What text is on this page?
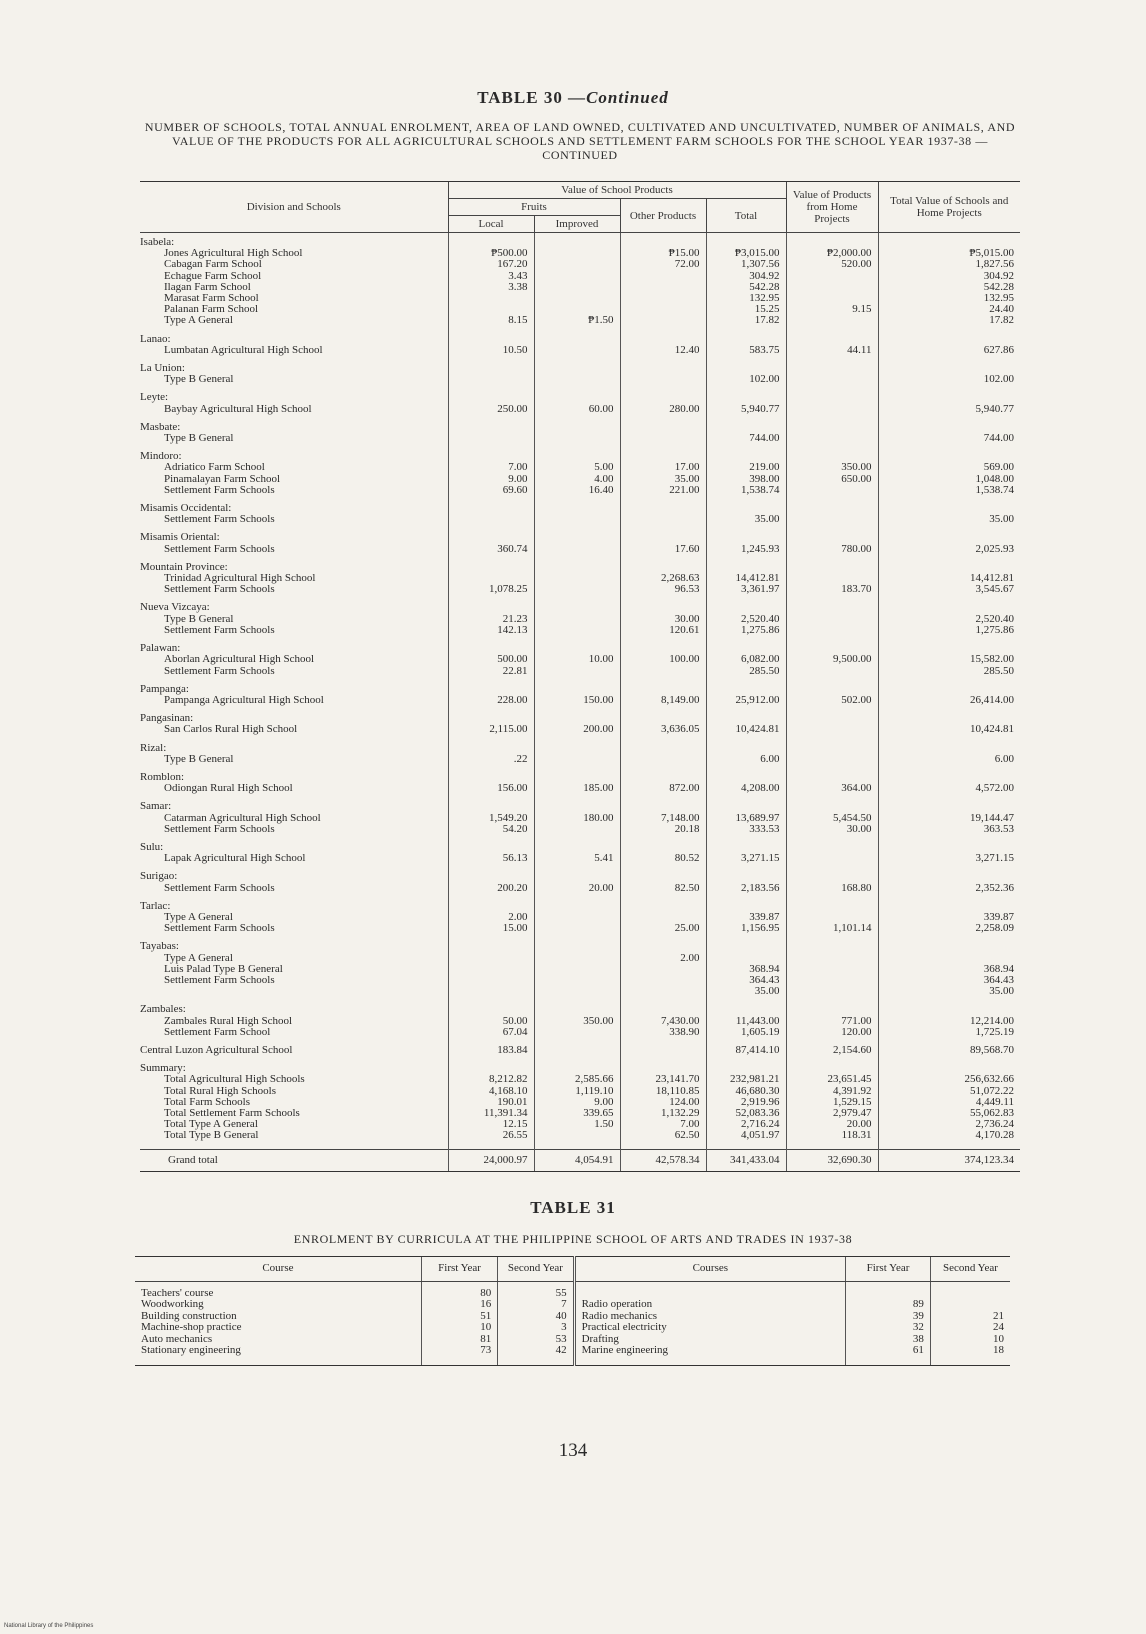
TABLE 30 —Continued
NUMBER OF SCHOOLS, TOTAL ANNUAL ENROLMENT, AREA OF LAND OWNED, CULTIVATED AND UNCULTIVATED, NUMBER OF ANIMALS, AND VALUE OF THE PRODUCTS FOR ALL AGRICULTURAL SCHOOLS AND SETTLEMENT FARM SCHOOLS FOR THE SCHOOL YEAR 1937-38 —CONTINUED
Division and Schools	Value of School Products				Value of Products from Home Projects	Total Value of Schools and Home Projects
	Fruits		Other Products	Total		
	Local	Improved				
Isabela:						
Jones Agricultural High School	₱500.00		₱15.00	₱3,015.00	₱2,000.00	₱5,015.00
Cabagan Farm School	167.20		72.00	1,307.56	520.00	1,827.56
Echague Farm School	3.43			304.92		304.92
Ilagan Farm School	3.38			542.28		542.28
Marasat Farm School				132.95		132.95
Palanan Farm School				15.25	9.15	24.40
Type A General	8.15	₱1.50		17.82		17.82
Lanao:						
Lumbatan Agricultural High School	10.50		12.40	583.75	44.11	627.86
La Union:						
Type B General				102.00		102.00
Leyte:						
Baybay Agricultural High School	250.00	60.00	280.00	5,940.77		5,940.77
Masbate:						
Type B General				744.00		744.00
Mindoro:						
Adriatico Farm School	7.00	5.00	17.00	219.00	350.00	569.00
Pinamalayan Farm School	9.00	4.00	35.00	398.00	650.00	1,048.00
Settlement Farm Schools	69.60	16.40	221.00	1,538.74		1,538.74
Misamis Occidental:						
Settlement Farm Schools				35.00		35.00
Misamis Oriental:						
Settlement Farm Schools	360.74		17.60	1,245.93	780.00	2,025.93
Mountain Province:						
Trinidad Agricultural High School			2,268.63	14,412.81		14,412.81
Settlement Farm Schools	1,078.25		96.53	3,361.97	183.70	3,545.67
Nueva Vizcaya:						
Type B General	21.23		30.00	2,520.40		2,520.40
Settlement Farm Schools	142.13		120.61	1,275.86		1,275.86
Palawan:						
Aborlan Agricultural High School	500.00	10.00	100.00	6,082.00	9,500.00	15,582.00
Settlement Farm Schools	22.81			285.50		285.50
Pampanga:						
Pampanga Agricultural High School	228.00	150.00	8,149.00	25,912.00	502.00	26,414.00
Pangasinan:						
San Carlos Rural High School	2,115.00	200.00	3,636.05	10,424.81		10,424.81
Rizal:						
Type B General	.22			6.00		6.00
Romblon:						
Odiongan Rural High School	156.00	185.00	872.00	4,208.00	364.00	4,572.00
Samar:						
Catarman Agricultural High School	1,549.20	180.00	7,148.00	13,689.97	5,454.50	19,144.47
Settlement Farm Schools	54.20		20.18	333.53	30.00	363.53
Sulu:						
Lapak Agricultural High School	56.13	5.41	80.52	3,271.15		3,271.15
Surigao:						
Settlement Farm Schools	200.20	20.00	82.50	2,183.56	168.80	2,352.36
Tarlac:						
Type A General	2.00			339.87		339.87
Settlement Farm Schools	15.00		25.00	1,156.95	1,101.14	2,258.09
Tayabas:						
Type A General			2.00			
Luis Palad Type B General				368.94		368.94
Settlement Farm Schools				364.43		364.43
				35.00		35.00
Zambales:						
Zambales Rural High School	50.00	350.00	7,430.00	11,443.00	771.00	12,214.00
Settlement Farm School	67.04		338.90	1,605.19	120.00	1,725.19
Central Luzon Agricultural School	183.84			87,414.10	2,154.60	89,568.70
Summary:						
Total Agricultural High Schools	8,212.82	2,585.66	23,141.70	232,981.21	23,651.45	256,632.66
Total Rural High Schools	4,168.10	1,119.10	18,110.85	46,680.30	4,391.92	51,072.22
Total Farm Schools	190.01	9.00	124.00	2,919.96	1,529.15	4,449.11
Total Settlement Farm Schools	11,391.34	339.65	1,132.29	52,083.36	2,979.47	55,062.83
Total Type A General	12.15	1.50	7.00	2,716.24	20.00	2,736.24
Total Type B General	26.55		62.50	4,051.97	118.31	4,170.28
Grand total	24,000.97	4,054.91	42,578.34	341,433.04	32,690.30	374,123.34
TABLE 31
ENROLMENT BY CURRICULA AT THE PHILIPPINE SCHOOL OF ARTS AND TRADES IN 1937-38
Course	First Year	Second Year	Courses	First Year	Second Year
Teachers' course	80	55			
Woodworking	16	7	Radio operation	89	
Building construction	51	40	Radio mechanics	39	21
Machine-shop practice	10	3	Practical electricity	32	24
Auto mechanics	81	53	Drafting	38	10
Stationary engineering	73	42	Marine engineering	61	18
134
National Library of the Philippines
